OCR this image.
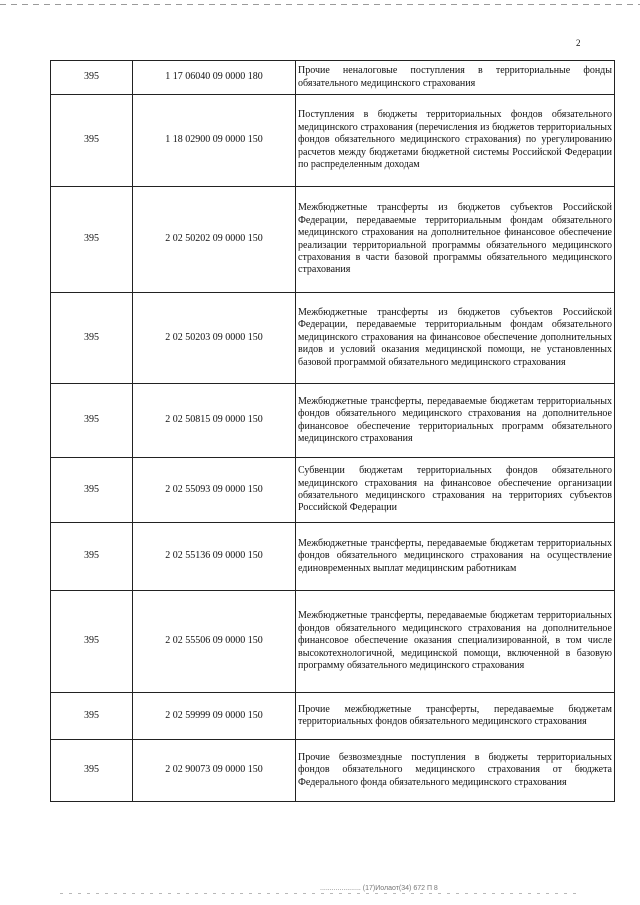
2
395	1 17 06040 09 0000 180	Прочие неналоговые поступления в территориальные фонды обязательного медицинского страхования
395	1 18 02900 09 0000 150	Поступления в бюджеты территориальных фондов обязательного медицинского страхования (перечисления из бюджетов территориальных фондов обязательного медицинского страхования) по урегулированию расчетов между бюджетами бюджетной системы Российской Федерации по распределенным доходам
395	2 02 50202 09 0000 150	Межбюджетные трансферты из бюджетов субъектов Российской Федерации, передаваемые территориальным фондам обязательного медицинского страхования на дополнительное финансовое обеспечение реализации территориальной программы обязательного медицинского страхования в части базовой программы обязательного медицинского страхования
395	2 02 50203 09 0000 150	Межбюджетные трансферты из бюджетов субъектов Российской Федерации, передаваемые территориальным фондам обязательного медицинского страхования на финансовое обеспечение дополнительных видов и условий оказания медицинской помощи, не установленных базовой программой обязательного медицинского страхования
395	2 02 50815 09 0000 150	Межбюджетные трансферты, передаваемые бюджетам территориальных фондов обязательного медицинского страхования на дополнительное финансовое обеспечение территориальных программ обязательного медицинского страхования
395	2 02 55093 09 0000 150	Субвенции бюджетам территориальных фондов обязательного медицинского страхования на финансовое обеспечение организации обязательного медицинского страхования на территориях субъектов Российской Федерации
395	2 02 55136 09 0000 150	Межбюджетные трансферты, передаваемые бюджетам территориальных фондов обязательного медицинского страхования на осуществление единовременных выплат медицинским работникам
395	2 02 55506 09 0000 150	Межбюджетные трансферты, передаваемые бюджетам территориальных фондов обязательного медицинского страхования на дополнительное финансовое обеспечение оказания специализированной, в том числе высокотехнологичной, медицинской помощи, включенной в базовую программу обязательного медицинского страхования
395	2 02 59999 09 0000 150	Прочие межбюджетные трансферты, передаваемые бюджетам территориальных фондов обязательного медицинского страхования
395	2 02 90073 09 0000 150	Прочие безвозмездные поступления в бюджеты территориальных фондов обязательного медицинского страхования от бюджета Федерального фонда обязательного медицинского страхования
..................... (17)Иолаот(34) 672 П 8
